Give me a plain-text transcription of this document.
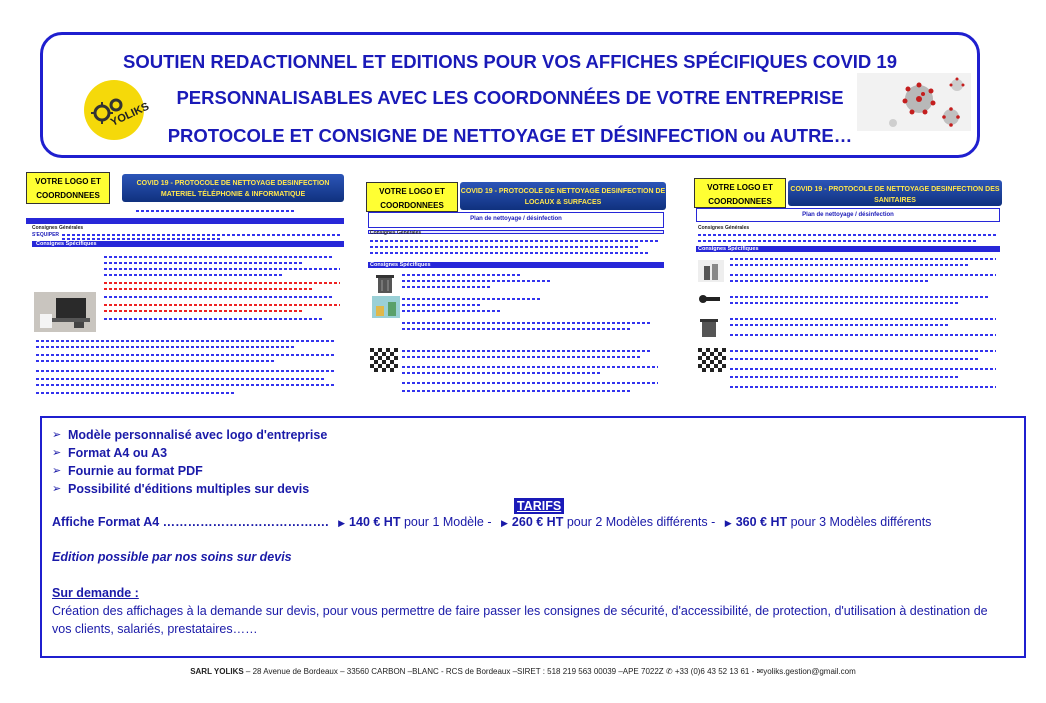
SOUTIEN REDACTIONNEL ET EDITIONS POUR VOS AFFICHES SPÉCIFIQUES COVID 19
PERSONNALISABLES AVEC LES COORDONNÉES DE VOTRE ENTREPRISE
PROTOCOLE ET CONSIGNE DE NETTOYAGE ET DÉSINFECTION ou AUTRE…
YOLIKS
VOTRE LOGO ET COORDONNEES
COVID 19 - PROTOCOLE DE NETTOYAGE DESINFECTION MATERIEL TÉLÉPHONIE & INFORMATIQUE
Consignes Générales
S'EQUIPER
Consignes Spécifiques
VOTRE LOGO ET COORDONNEES
COVID 19 - PROTOCOLE DE NETTOYAGE DESINFECTION DE LOCAUX & SURFACES
Plan de nettoyage / désinfection
Consignes Générales
Consignes Spécifiques
VOTRE LOGO ET COORDONNEES
COVID 19 - PROTOCOLE DE NETTOYAGE DESINFECTION DES SANITAIRES
Plan de nettoyage / désinfection
Consignes Générales
Consignes Spécifiques
➢ Modèle personnalisé avec logo d'entreprise
➢ Format A4 ou A3
➢ Fournie au format PDF
➢ Possibilité d'éditions multiples sur devis
TARIFS
Affiche Format A4 …………………………………. ▶ 140 € HT pour 1 Modèle - ▶ 260 € HT pour 2 Modèles différents - ▶ 360 € HT pour 3 Modèles différents
Edition possible par nos soins sur devis
Sur demande :
Création des affichages à la demande sur devis, pour vous permettre de faire passer les consignes de sécurité, d'accessibilité, de protection, d'utilisation à destination de vos clients, salariés, prestataires……
SARL YOLIKS – 28 Avenue de Bordeaux – 33560 CARBON –BLANC - RCS de Bordeaux –SIRET : 518 219 563 00039 –APE 7022Z ✆ +33 (0)6 43 52 13 61 - ✉yoliks.gestion@gmail.com
